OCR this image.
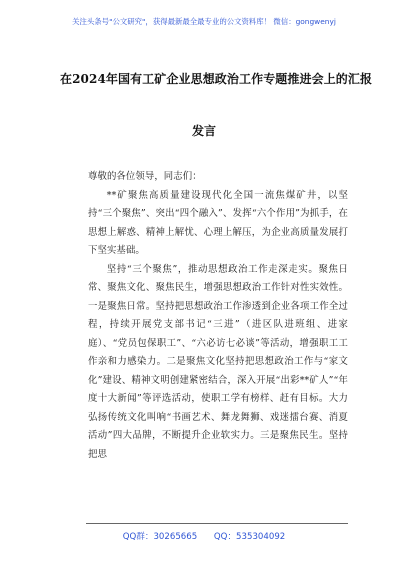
关注头条号"公文研究"，获得最新最全最专业的公文资料库！ 微信：gongwenyj
在2024年国有工矿企业思想政治工作专题推进会上的汇报
发言

尊敬的各位领导，同志们：

**矿聚焦高质量建设现代化全国一流焦煤矿井，以坚持“三个聚焦”、突出“四个融入”、发挥“六个作用”为抓手，在思想上解惑、精神上解忧、心理上解压，为企业高质量发展打下坚实基础。

坚持“三个聚焦”，推动思想政治工作走深走实。聚焦日常、聚焦文化、聚焦民生，增强思想政治工作针对性实效性。一是聚焦日常。坚持把思想政治工作渗透到企业各项工作全过程，持续开展党支部书记“三进”（进区队进班组、进家庭）、“党员包保职工”、“六必访七必谈”等活动，增强职工工作亲和力感染力。二是聚焦文化坚持把思想政治工作与“家文化”建设、精神文明创建紧密结合，深入开展“出彩**矿人”“年度十大新闻”等评选活动，使职工学有榜样、赶有目标。大力弘扬传统文化叫响“书画艺术、舞龙舞狮、戏迷擂台赛、消夏活动”四大品牌，不断提升企业软实力。三是聚焦民生。坚持把思

QQ群：30265665 QQ：535304092
